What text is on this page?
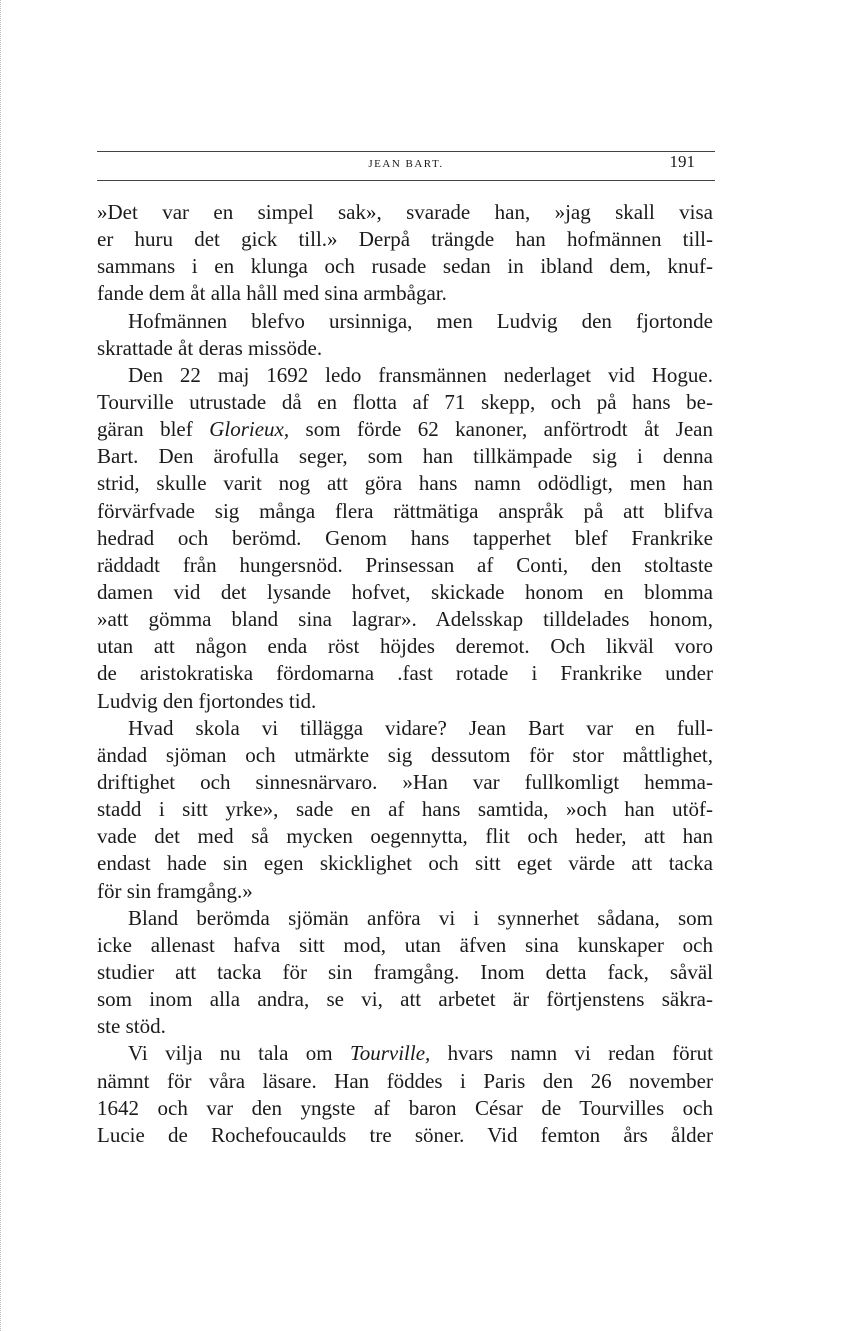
JEAN BART.	191
»Det var en simpel sak», svarade han, »jag skall visa
er huru det gick till.» Derpå trängde han hofmännen till-
sammans i en klunga och rusade sedan in ibland dem, knuf-
fande dem åt alla håll med sina armbågar.
Hofmännen blefvo ursinniga, men Ludvig den fjortonde
skrattade åt deras missöde.
Den 22 maj 1692 ledo fransmännen nederlaget vid Hogue.
Tourville utrustade då en flotta af 71 skepp, och på hans be-
gäran blef Glorieux, som förde 62 kanoner, anförtrodt åt Jean
Bart. Den ärofulla seger, som han tillkämpade sig i denna
strid, skulle varit nog att göra hans namn odödligt, men han
förvärfvade sig många flera rättmätiga anspråk på att blifva
hedrad och berömd. Genom hans tapperhet blef Frankrike
räddadt från hungersnöd. Prinsessan af Conti, den stoltaste
damen vid det lysande hofvet, skickade honom en blomma
»att gömma bland sina lagrar». Adelsskap tilldelades honom,
utan att någon enda röst höjdes deremot. Och likväl voro
de aristokratiska fördomarna .fast rotade i Frankrike under
Ludvig den fjortondes tid.
Hvad skola vi tillägga vidare? Jean Bart var en full-
ändad sjöman och utmärkte sig dessutom för stor måttlighet,
driftighet och sinnesnärvaro. »Han var fullkomligt hemma-
stadd i sitt yrke», sade en af hans samtida, »och han utöf-
vade det med så mycken oegennytta, flit och heder, att han
endast hade sin egen skicklighet och sitt eget värde att tacka
för sin framgång.»
Bland berömda sjömän anföra vi i synnerhet sådana, som
icke allenast hafva sitt mod, utan äfven sina kunskaper och
studier att tacka för sin framgång. Inom detta fack, såväl
som inom alla andra, se vi, att arbetet är förtjenstens säkra-
ste stöd.
Vi vilja nu tala om Tourville, hvars namn vi redan förut
nämnt för våra läsare. Han föddes i Paris den 26 november
1642 och var den yngste af baron César de Tourvilles och
Lucie de Rochefoucaulds tre söner. Vid femton års ålder
